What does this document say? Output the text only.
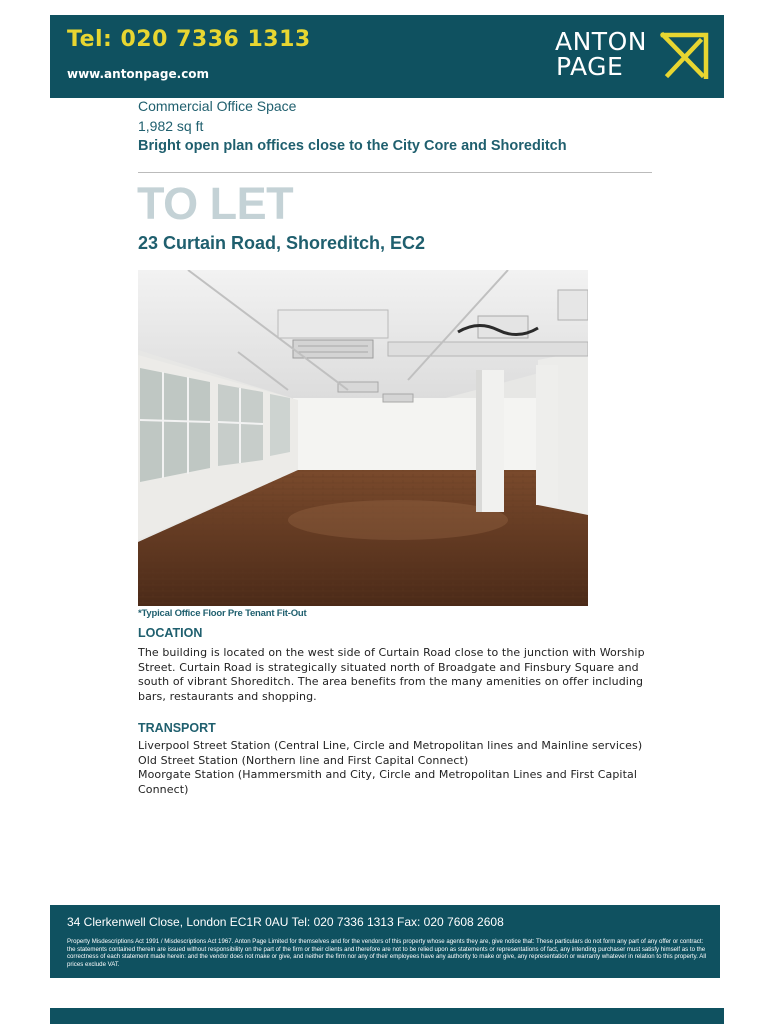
Tel: 020 7336 1313
www.antonpage.com
ANTON
PAGE
Commercial Office Space
1,982 sq ft
Bright open plan offices close to the City Core and Shoreditch
TO LET
23 Curtain Road, Shoreditch, EC2
*Typical Office Floor Pre Tenant Fit-Out
LOCATION
The building is located on the west side of Curtain Road close to the junction with Worship Street. Curtain Road is strategically situated north of Broadgate and Finsbury Square and south of vibrant Shoreditch. The area benefits from the many amenities on offer including bars, restaurants and shopping.
TRANSPORT
Liverpool Street Station (Central Line, Circle and Metropolitan lines and Mainline services)
Old Street Station (Northern line and First Capital Connect)
Moorgate Station (Hammersmith and City, Circle and Metropolitan Lines and First Capital Connect)
34 Clerkenwell Close, London EC1R 0AU Tel: 020 7336 1313 Fax: 020 7608 2608
Property Misdescriptions Act 1991 / Misdescriptions Act 1967. Anton Page Limited for themselves and for the vendors of this property whose agents they are, give notice that: These particulars do not form any part of any offer or contract: the statements contained therein are issued without responsibility on the part of the firm or their clients and therefore are not to be relied upon as statements or representations of fact, any intending purchaser must satisfy himself as to the correctness of each statement made herein: and the vendor does not make or give, and neither the firm nor any of their employees have any authority to make or give, any representation or warranty whatever in relation to this property. All prices exclude VAT.
